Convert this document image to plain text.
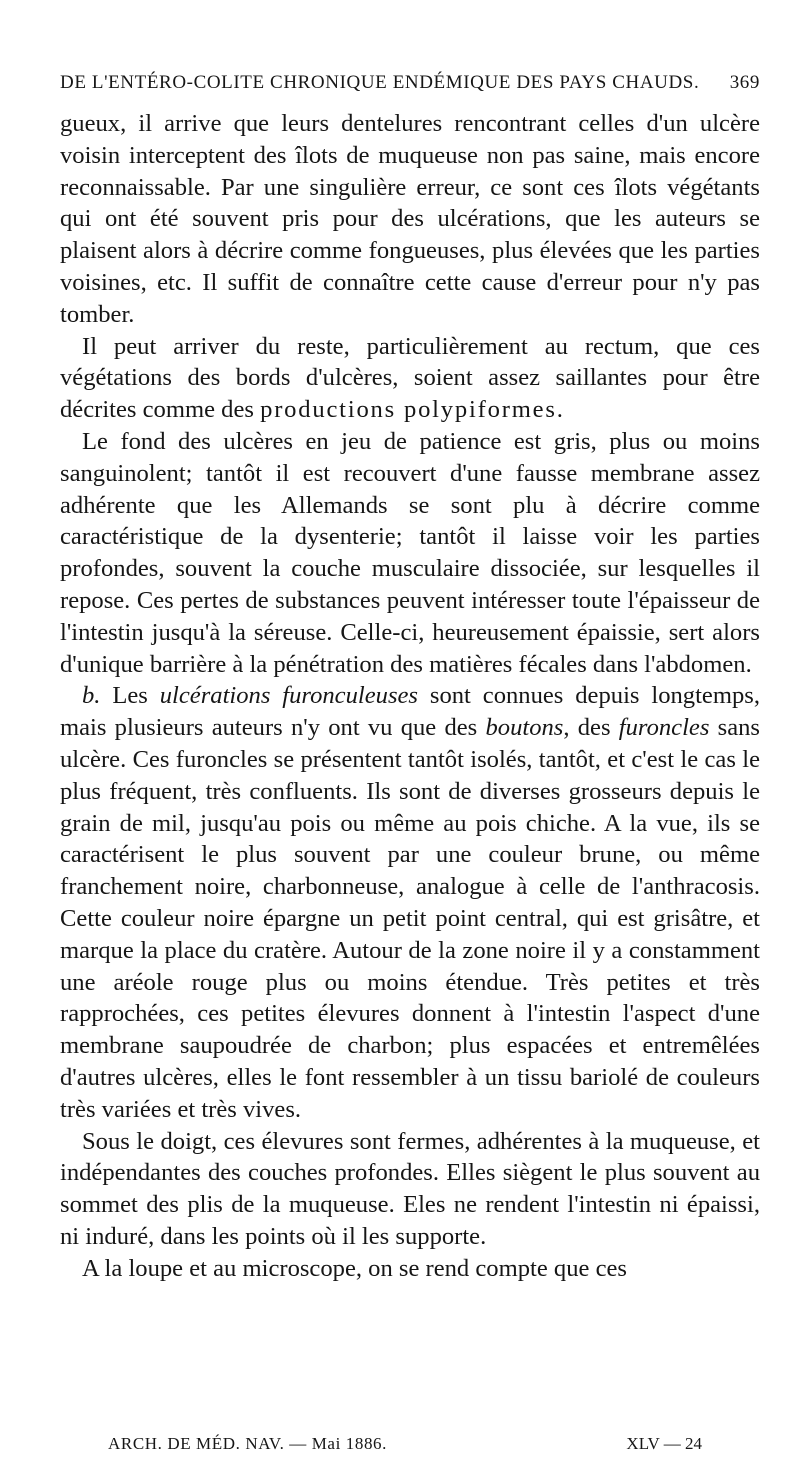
DE L'ENTÉRO-COLITE CHRONIQUE ENDÉMIQUE DES PAYS CHAUDS. 369

gueux, il arrive que leurs dentelures rencontrant celles d'un ulcère voisin interceptent des îlots de muqueuse non pas saine, mais encore reconnaissable. Par une singulière erreur, ce sont ces îlots végétants qui ont été souvent pris pour des ulcérations, que les auteurs se plaisent alors à décrire comme fongueuses, plus élevées que les parties voisines, etc. Il suffit de connaître cette cause d'erreur pour n'y pas tomber.

Il peut arriver du reste, particulièrement au rectum, que ces végétations des bords d'ulcères, soient assez saillantes pour être décrites comme des productions polypiformes.

Le fond des ulcères en jeu de patience est gris, plus ou moins sanguinolent; tantôt il est recouvert d'une fausse membrane assez adhérente que les Allemands se sont plu à décrire comme caractéristique de la dysenterie; tantôt il laisse voir les parties profondes, souvent la couche musculaire dissociée, sur lesquelles il repose. Ces pertes de substances peuvent intéresser toute l'épaisseur de l'intestin jusqu'à la séreuse. Celle-ci, heureusement épaissie, sert alors d'unique barrière à la pénétration des matières fécales dans l'abdomen.

b. Les ulcérations furonculeuses sont connues depuis longtemps, mais plusieurs auteurs n'y ont vu que des boutons, des furoncles sans ulcère. Ces furoncles se présentent tantôt isolés, tantôt, et c'est le cas le plus fréquent, très confluents. Ils sont de diverses grosseurs depuis le grain de mil, jusqu'au pois ou même au pois chiche. A la vue, ils se caractérisent le plus souvent par une couleur brune, ou même franchement noire, charbonneuse, analogue à celle de l'anthracosis. Cette couleur noire épargne un petit point central, qui est grisâtre, et marque la place du cratère. Autour de la zone noire il y a constamment une aréole rouge plus ou moins étendue. Très petites et très rapprochées, ces petites élevures donnent à l'intestin l'aspect d'une membrane saupoudrée de charbon; plus espacées et entremêlées d'autres ulcères, elles le font ressembler à un tissu bariolé de couleurs très variées et très vives.

Sous le doigt, ces élevures sont fermes, adhérentes à la muqueuse, et indépendantes des couches profondes. Elles siègent le plus souvent au sommet des plis de la muqueuse. Eles ne rendent l'intestin ni épaissi, ni induré, dans les points où il les supporte.

A la loupe et au microscope, on se rend compte que ces

ARCH. DE MÉD. NAV. — Mai 1886.	XLV — 24
